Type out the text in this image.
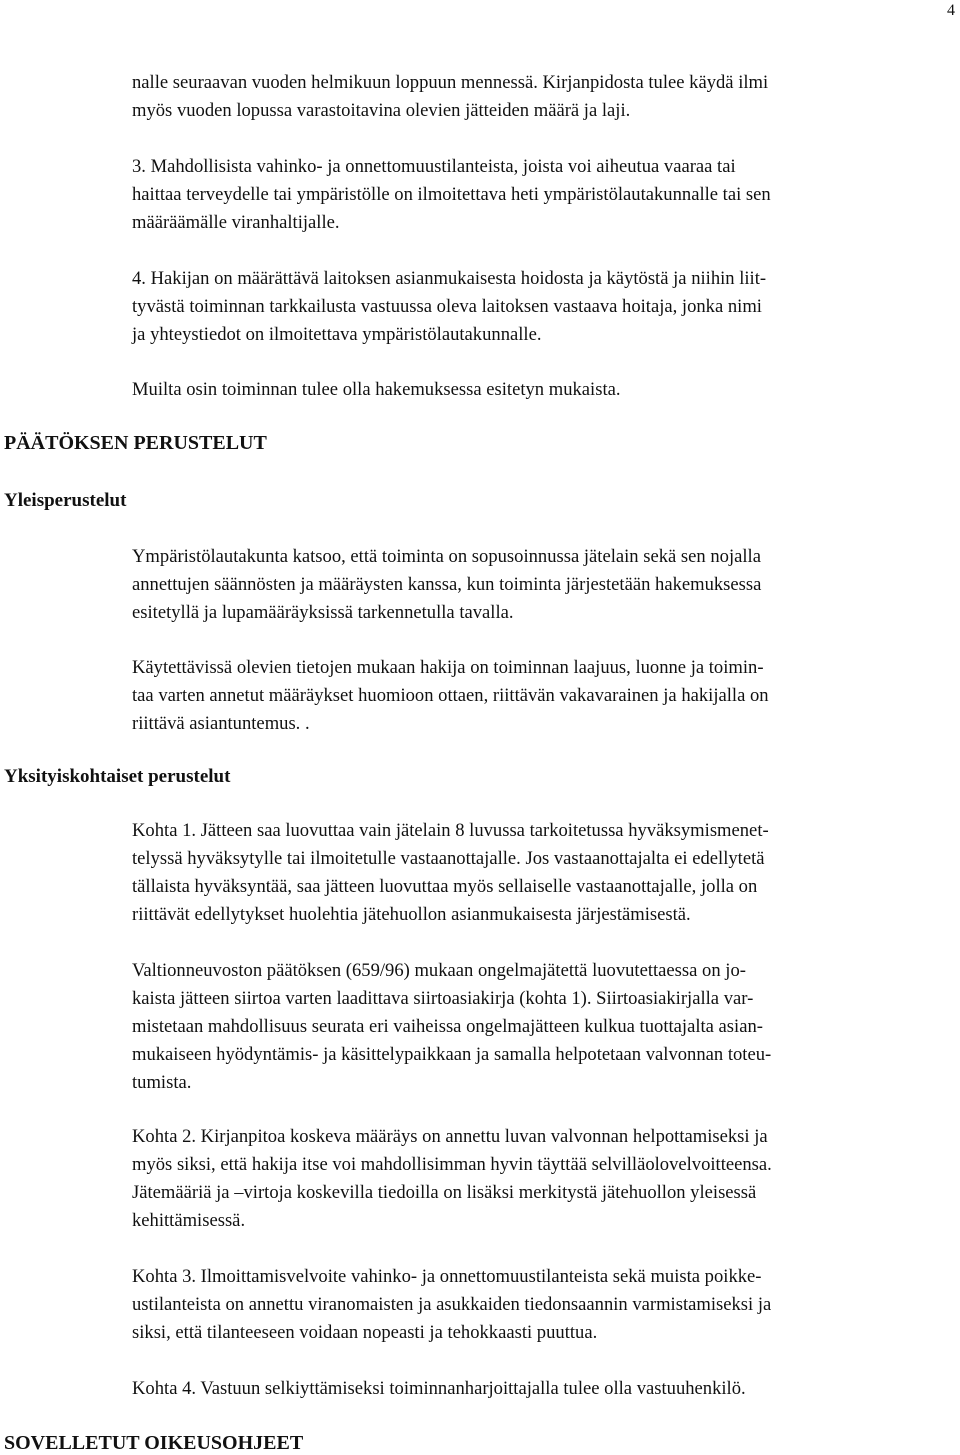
4
nalle seuraavan vuoden helmikuun loppuun mennessä. Kirjanpidosta tulee käydä ilmi
myös vuoden lopussa varastoitavina olevien jätteiden määrä ja laji.
3. Mahdollisista vahinko- ja onnettomuustilanteista, joista voi aiheutua vaaraa tai
haittaa terveydelle tai ympäristölle on ilmoitettava heti ympäristölautakunnalle tai sen
määräämälle viranhaltijalle.
4. Hakijan on määrättävä laitoksen asianmukaisesta hoidosta ja käytöstä ja niihin liit-
tyvästä toiminnan tarkkailusta vastuussa oleva laitoksen vastaava hoitaja, jonka nimi
ja yhteystiedot on ilmoitettava ympäristölautakunnalle.
Muilta osin toiminnan tulee olla hakemuksessa esitetyn mukaista.
PÄÄTÖKSEN PERUSTELUT
Yleisperustelut
Ympäristölautakunta katsoo, että toiminta on sopusoinnussa jätelain sekä sen nojalla
annettujen säännösten ja määräysten kanssa, kun toiminta järjestetään hakemuksessa
esitetyllä ja lupamääräyksissä tarkennetulla tavalla.
Käytettävissä olevien tietojen mukaan hakija on toiminnan laajuus, luonne ja toimin-
taa varten annetut määräykset huomioon ottaen, riittävän vakavarainen ja hakijalla on
riittävä asiantuntemus. .
Yksityiskohtaiset perustelut
Kohta 1. Jätteen saa luovuttaa vain jätelain 8 luvussa tarkoitetussa hyväksymismenet-
telyssä hyväksytylle tai ilmoitetulle vastaanottajalle. Jos vastaanottajalta ei edellytetä
tällaista hyväksyntää, saa jätteen luovuttaa myös sellaiselle vastaanottajalle, jolla on
riittävät edellytykset huolehtia jätehuollon asianmukaisesta järjestämisestä.
Valtionneuvoston päätöksen (659/96) mukaan ongelmajätettä luovutettaessa on jo-
kaista jätteen siirtoa varten laadittava siirtoasiakirja (kohta 1). Siirtoasiakirjalla var-
mistetaan mahdollisuus seurata eri vaiheissa ongelmajätteen kulkua tuottajalta asian-
mukaiseen hyödyntämis- ja käsittelypaikkaan ja samalla helpotetaan valvonnan toteu-
tumista.
Kohta 2. Kirjanpitoa koskeva määräys on annettu luvan valvonnan helpottamiseksi ja
myös siksi, että hakija itse voi mahdollisimman hyvin täyttää selvilläolovelvoitteensa.
Jätemääriä ja –virtoja koskevilla tiedoilla on lisäksi merkitystä jätehuollon yleisessä
kehittämisessä.
Kohta 3. Ilmoittamisvelvoite vahinko- ja onnettomuustilanteista sekä muista poikke-
ustilanteista on annettu viranomaisten ja asukkaiden tiedonsaannin varmistamiseksi ja
siksi, että tilanteeseen voidaan nopeasti ja tehokkaasti puuttua.
Kohta 4. Vastuun selkiyttämiseksi toiminnanharjoittajalla tulee olla vastuuhenkilö.
SOVELLETUT OIKEUSOHJEET
